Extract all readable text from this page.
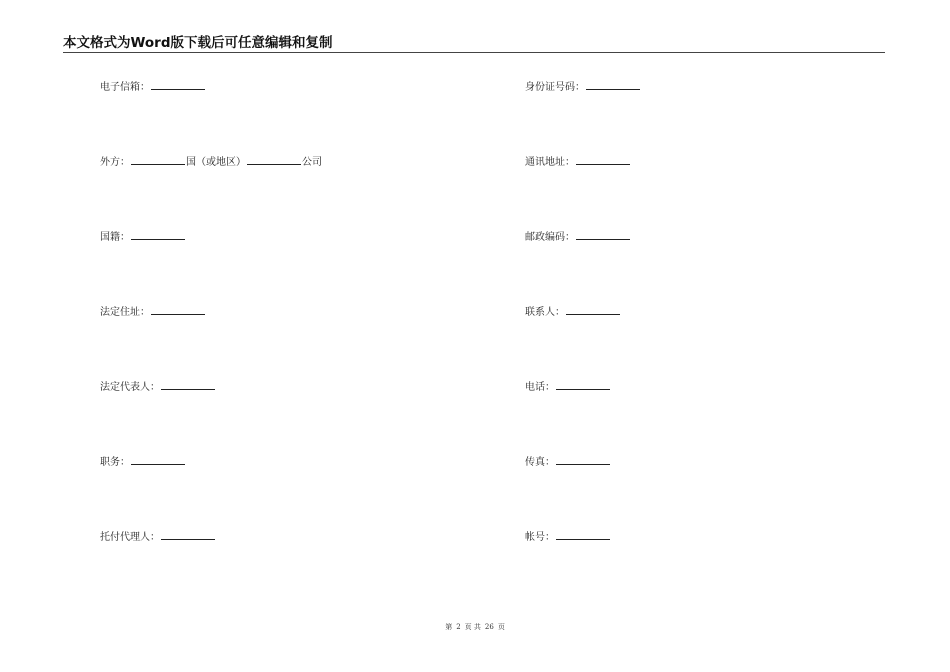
本文格式为Word版下载后可任意编辑和复制
电子信箱：
外方：	国（或地区）	公司
国籍：
法定住址：
法定代表人：
职务：
托付代理人：
身份证号码：
通讯地址：
邮政编码：
联系人：
电话：
传真：
帐号：
第 2 页 共 26 页
